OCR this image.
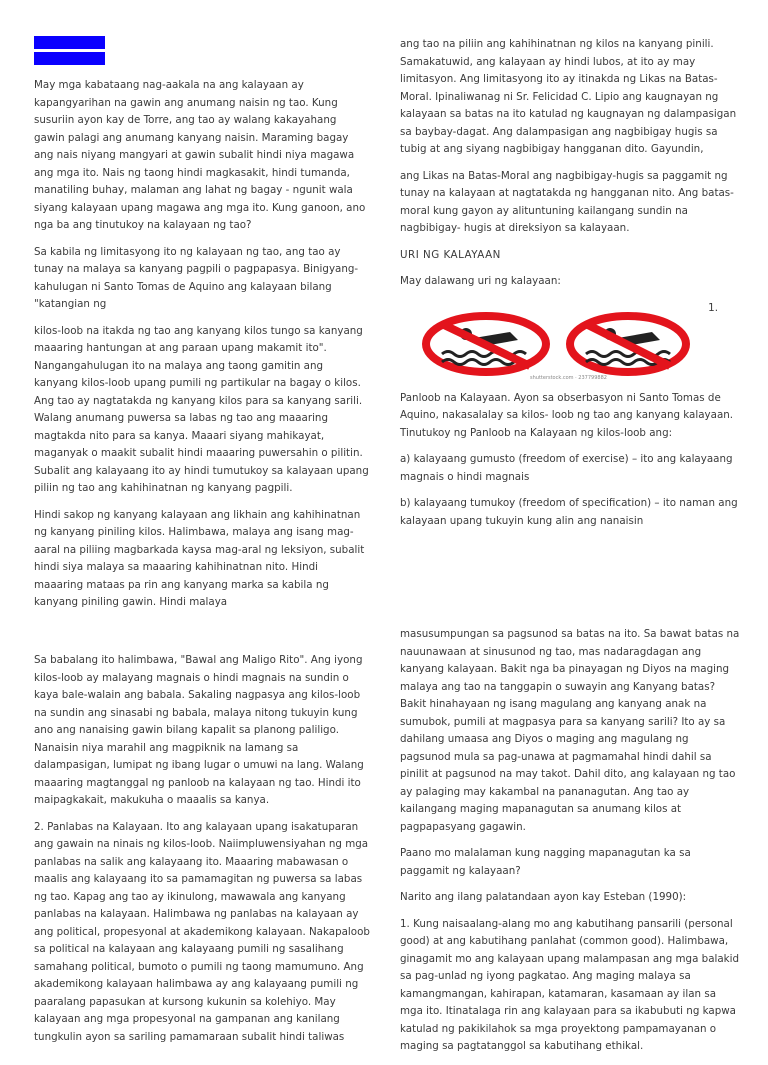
May mga kabataang nag-aakala na ang kalayaan ay kapangyarihan na gawin ang anumang naisin ng tao. Kung susuriin ayon kay de Torre, ang tao ay walang kakayahang gawin palagi ang anumang kanyang naisin. Maraming bagay ang nais niyang mangyari at gawin subalit hindi niya magawa ang mga ito. Nais ng taong hindi magkasakit, hindi tumanda, manatiling buhay, malaman ang lahat ng bagay - ngunit wala siyang kalayaan upang magawa ang mga ito. Kung ganoon, ano nga ba ang tinutukoy na kalayaan ng tao?

Sa kabila ng limitasyong ito ng kalayaan ng tao, ang tao ay tunay na malaya sa kanyang pagpili o pagpapasya. Binigyang-kahulugan ni Santo Tomas de Aquino ang kalayaan bilang "katangian ng

kilos-loob na itakda ng tao ang kanyang kilos tungo sa kanyang maaaring hantungan at ang paraan upang makamit ito". Nangangahulugan ito na malaya ang taong gamitin ang kanyang kilos-loob upang pumili ng partikular na bagay o kilos. Ang tao ay nagtatakda ng kanyang kilos para sa kanyang sarili. Walang anumang puwersa sa labas ng tao ang maaaring magtakda nito para sa kanya. Maaari siyang mahikayat, maganyak o maakit subalit hindi maaaring puwersahin o pilitin. Subalit ang kalayaang ito ay hindi tumutukoy sa kalayaan upang piliin ng tao ang kahihinatnan ng kanyang pagpili.

Hindi sakop ng kanyang kalayaan ang likhain ang kahihinatnan ng kanyang piniling kilos. Halimbawa, malaya ang isang mag-aaral na piliing magbarkada kaysa mag-aral ng leksiyon, subalit hindi siya malaya sa maaaring kahihinatnan nito. Hindi maaaring mataas pa rin ang kanyang marka sa kabila ng kanyang piniling gawin. Hindi malaya

ang tao na piliin ang kahihinatnan ng kilos na kanyang pinili. Samakatuwid, ang kalayaan ay hindi lubos, at ito ay may limitasyon. Ang limitasyong ito ay itinakda ng Likas na Batas-Moral. Ipinaliwanag ni Sr. Felicidad C. Lipio ang kaugnayan ng kalayaan sa batas na ito katulad ng kaugnayan ng dalampasigan sa baybay-dagat. Ang dalampasigan ang nagbibigay hugis sa tubig at ang siyang nagbibigay hangganan dito. Gayundin,

ang Likas na Batas-Moral ang nagbibigay-hugis sa paggamit ng tunay na kalayaan at nagtatakda ng hangganan nito. Ang batas-moral kung gayon ay alituntuning kailangang sundin na nagbibigay- hugis at direksiyon sa kalayaan.

URI NG KALAYAAN

May dalawang uri ng kalayaan:

1.
shutterstock.com · 237799882

Panloob na Kalayaan. Ayon sa obserbasyon ni Santo Tomas de Aquino, nakasalalay sa kilos- loob ng tao ang kanyang kalayaan. Tinutukoy ng Panloob na Kalayaan ng kilos-loob ang:

a) kalayaang gumusto (freedom of exercise) – ito ang kalayaang magnais o hindi magnais

b) kalayaang tumukoy (freedom of specification) – ito naman ang kalayaan upang tukuyin kung alin ang nanaisin

Sa babalang ito halimbawa, "Bawal ang Maligo Rito". Ang iyong kilos-loob ay malayang magnais o hindi magnais na sundin o kaya bale-walain ang babala. Sakaling nagpasya ang kilos-loob na sundin ang sinasabi ng babala, malaya nitong tukuyin kung ano ang nanaising gawin bilang kapalit sa planong paliligo. Nanaisin niya marahil ang magpiknik na lamang sa dalampasigan, lumipat ng ibang lugar o umuwi na lang. Walang maaaring magtanggal ng panloob na kalayaan ng tao. Hindi ito maipagkakait, makukuha o maaalis sa kanya.

2. Panlabas na Kalayaan. Ito ang kalayaan upang isakatuparan ang gawain na ninais ng kilos-loob. Naiimpluwensiyahan ng mga panlabas na salik ang kalayaang ito. Maaaring mabawasan o maalis ang kalayaang ito sa pamamagitan ng puwersa sa labas ng tao. Kapag ang tao ay ikinulong, mawawala ang kanyang panlabas na kalayaan. Halimbawa ng panlabas na kalayaan ay ang political, propesyonal at akademikong kalayaan. Nakapaloob sa political na kalayaan ang kalayaang pumili ng sasalihang samahang political, bumoto o pumili ng taong mamumuno. Ang akademikong kalayaan halimbawa ay ang kalayaang pumili ng paaralang papasukan at kursong kukunin sa kolehiyo. May kalayaan ang mga propesyonal na gampanan ang kanilang tungkulin ayon sa sariling pamamaraan subalit hindi taliwas

masusumpungan sa pagsunod sa batas na ito. Sa bawat batas na nauunawaan at sinusunod ng tao, mas nadaragdagan ang kanyang kalayaan. Bakit nga ba pinayagan ng Diyos na maging malaya ang tao na tanggapin o suwayin ang Kanyang batas? Bakit hinahayaan ng isang magulang ang kanyang anak na sumubok, pumili at magpasya para sa kanyang sarili? Ito ay sa dahilang umaasa ang Diyos o maging ang magulang ng pagsunod mula sa pag-unawa at pagmamahal hindi dahil sa pinilit at pagsunod na may takot. Dahil dito, ang kalayaan ng tao ay palaging may kakambal na pananagutan. Ang tao ay kailangang maging mapanagutan sa anumang kilos at pagpapasyang gagawin.

Paano mo malalaman kung nagging mapanagutan ka sa paggamit ng kalayaan?

Narito ang ilang palatandaan ayon kay Esteban (1990):

1. Kung naisaalang-alang mo ang kabutihang pansarili (personal good) at ang kabutihang panlahat (common good). Halimbawa, ginagamit mo ang kalayaan upang malampasan ang mga balakid sa pag-unlad ng iyong pagkatao. Ang maging malaya sa kamangmangan, kahirapan, katamaran, kasamaan ay ilan sa mga ito. Itinatalaga rin ang kalayaan para sa ikabubuti ng kapwa katulad ng pakikilahok sa mga proyektong pampamayanan o maging sa pagtatanggol sa kabutihang ethikal.
